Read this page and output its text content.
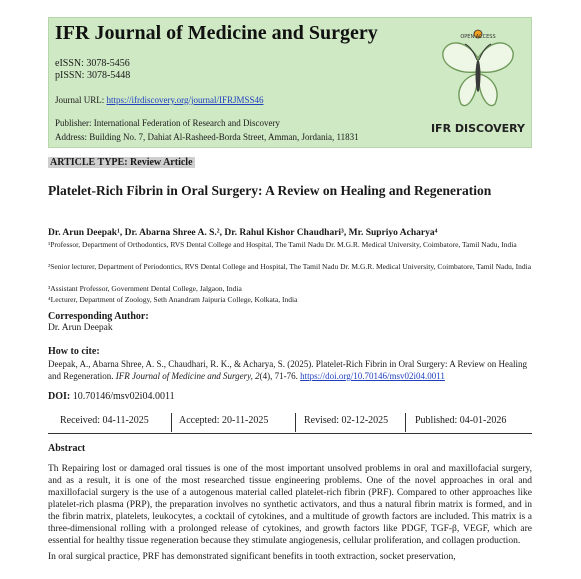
IFR Journal of Medicine and Surgery
eISSN: 3078-5456
pISSN: 3078-5448
Journal URL: https://ifrdiscovery.org/journal/IFRJMSS46
Publisher: International Federation of Research and Discovery
Address: Building No. 7, Dahiat Al-Rasheed-Borda Street, Amman, Jordania, 11831
OPEN ACCESS
IFR DISCOVERY
ARTICLE TYPE: Review Article
Platelet-Rich Fibrin in Oral Surgery: A Review on Healing and Regeneration
Dr. Arun Deepak¹, Dr. Abarna Shree A. S.², Dr. Rahul Kishor Chaudhari³, Mr. Supriyo Acharya⁴
¹Professor, Department of Orthodontics, RVS Dental College and Hospital, The Tamil Nadu Dr. M.G.R. Medical University, Coimbatore, Tamil Nadu, India
²Senior lecturer, Department of Periodontics, RVS Dental College and Hospital, The Tamil Nadu Dr. M.G.R. Medical University, Coimbatore, Tamil Nadu, India
³Assistant Professor, Government Dental College, Jalgaon, India
⁴Lecturer, Department of Zoology, Seth Anandram Jaipuria College, Kolkata, India
Corresponding Author:
Dr. Arun Deepak
How to cite:
Deepak, A., Abarna Shree, A. S., Chaudhari, R. K., & Acharya, S. (2025). Platelet-Rich Fibrin in Oral Surgery: A Review on Healing and Regeneration. IFR Journal of Medicine and Surgery, 2(4), 71-76. https://doi.org/10.70146/msv02i04.0011
DOI: 10.70146/msv02i04.0011
Received: 04-11-2025	Accepted: 20-11-2025	Revised: 02-12-2025	Published: 04-01-2026
Abstract
Th Repairing lost or damaged oral tissues is one of the most important unsolved problems in oral and maxillofacial surgery, and as a result, it is one of the most researched tissue engineering problems. One of the novel approaches in oral and maxillofacial surgery is the use of a autogenous material called platelet-rich fibrin (PRF). Compared to other approaches like platelet-rich plasma (PRP), the preparation involves no synthetic activators, and thus a natural fibrin matrix is formed, and in the fibrin matrix, platelets, leukocytes, a cocktail of cytokines, and a multitude of growth factors are included. This matrix is a three-dimensional rolling with a prolonged release of cytokines, and growth factors like PDGF, TGF-β, VEGF, which are essential for healthy tissue regeneration because they stimulate angiogenesis, cellular proliferation, and collagen production.
In oral surgical practice, PRF has demonstrated significant benefits in tooth extraction, socket preservation,
